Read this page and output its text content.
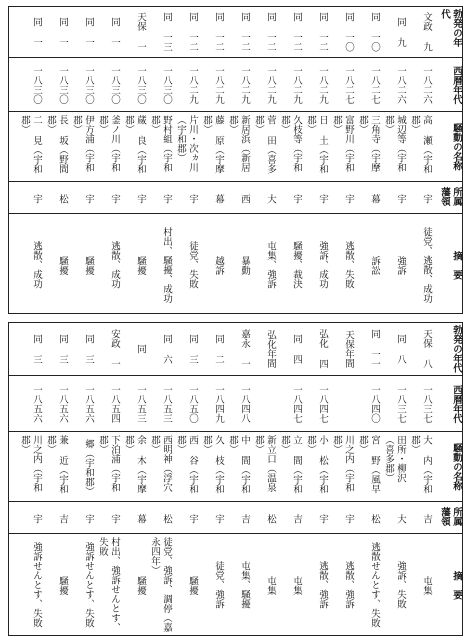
勃発の年代
西暦年代
騒動の名称
所属藩領
摘　要
文政 九
一八二六
高 瀬（宇和郡）
宇
徒党、逃散、成功
同 九
一八二六
城辺等（宇和郡）
宇
強訴
同 一〇
一八二七
三角寺（宇摩郡）
幕
訴訟
同 一〇
一八二七
富野川（宇和郡）
宇
逃散、失敗
同 一二
一八二九
日 土（宇和郡）
宇
強訴、成功
同 一二
一八二九
久枝等（宇和郡）
宇
騒擾、裁決
同 一二
一八二九
菅 田（喜多郡）
大
屯集、強訴
同 一二
一八二九
新居浜（新居郡）
西
暴動
同 一二
一八二九
藤 原（宇摩郡）
幕
越訴
同 一二
一八二九
片川・次ヵ川（宇和郡）
宇
徒党、失敗
同 一三
一八三〇
野村組（宇和郡）
宇
村出、騒擾、成功
天保 一
一八三〇
蔵 良（宇和郡）
宇
騒擾
同 一
一八三〇
釜ノ川（宇和郡）
宇
逃散、成功
同 一
一八三〇
伊方浦（宇和郡）
宇
騒擾
同 一
一八三〇
長 坂（野間郡）
松
騒擾
同 一
一八三〇
二 見（宇和郡）
宇
逃散、成功
勃発の年代
西暦年代
騒動の名称
所属藩領
摘　要
天保 八
一八三七
大 内（宇和郡）
吉
屯集
同 八
一八三七
田所・柳沢（喜多郡）
大
強訴、失敗
同 一一
一八四〇
宮 野（風早郡）
松
逃散せんとす、失敗
天保年間
川之内（宇和郡）
宇
逃散、強訴
弘化 四
一八四七
小 松（宇和郡）
宇
逃散、強訴
同 四
一八四七
立 間（宇和郡）
吉
屯集
弘化年間
新立口（温泉郡）
松
屯集
嘉永 一
一八四八
中 間（宇和郡）
吉
屯集、騒擾
同 二
一八四九
久 枝（宇和郡）
宇
徒党、強訴
同 三
一八五〇
西 谷（宇和郡）
宇
騒擾
同 六
一八五三
西明神（浮穴郡）
松
徒党、強訴、調停（嘉永四年）
同
一八五三
余 木（宇摩郡）
幕
騒擾
安政 一
一八五四
下泊浦（宇和郡）
宇
村出、強訴せんとす、失敗
同 三
一八五六
郷（宇和郡）
宇
強訴せんとす、失敗
同 三
一八五六
兼 近（宇和郡）
吉
騒擾
同 三
一八五六
川之内（宇和郡）
宇
強訴せんとす、失敗
